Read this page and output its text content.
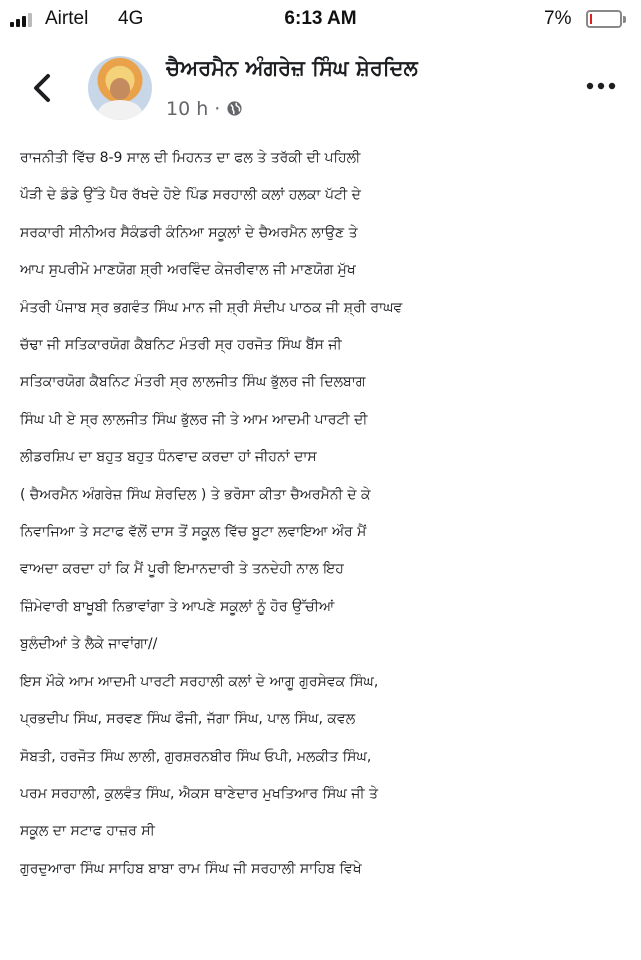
Airtel 4G	6:13 AM	7%
ਚੈਅਰਮੈਨ ਅੰਗਰੇਜ਼ ਸਿੰਘ ਸ਼ੇਰਦਿਲ
10 h ·

ਰਾਜਨੀਤੀ ਵਿੱਚ 8-9 ਸਾਲ ਦੀ ਮਿਹਨਤ ਦਾ ਫਲ ਤੇ ਤਰੱਕੀ ਦੀ ਪਹਿਲੀ

ਪੌੜੀ ਦੇ ਡੰਡੇ ਉੱਤੇ ਪੈਰ ਰੱਖਦੇ ਹੋਏ ਪਿੰਡ ਸਰਹਾਲੀ ਕਲਾਂ ਹਲਕਾ ਪੱਟੀ ਦੇ

ਸਰਕਾਰੀ ਸੀਨੀਅਰ ਸੈਕੰਡਰੀ ਕੰਨਿਆ ਸਕੂਲਾਂ ਦੇ ਚੈਅਰਮੈਨ ਲਾਉਣ ਤੇ

ਆਪ ਸੁਪਰੀਮੋ ਮਾਣਯੋਗ ਸ਼੍ਰੀ ਅਰਵਿੰਦ ਕੇਜਰੀਵਾਲ ਜੀ ਮਾਣਯੋਗ ਮੁੱਖ

ਮੰਤਰੀ ਪੰਜਾਬ ਸ੍ਰ ਭਗਵੰਤ ਸਿੰਘ ਮਾਨ ਜੀ ਸ਼੍ਰੀ ਸੰਦੀਪ ਪਾਠਕ ਜੀ ਸ਼੍ਰੀ ਰਾਘਵ

ਚੱਢਾ ਜੀ ਸਤਿਕਾਰਯੋਗ ਕੈਬਨਿਟ ਮੰਤਰੀ ਸ੍ਰ ਹਰਜੋਤ ਸਿੰਘ ਬੈਂਸ ਜੀ

ਸਤਿਕਾਰਯੋਗ ਕੈਬਨਿਟ ਮੰਤਰੀ ਸ੍ਰ ਲਾਲਜੀਤ ਸਿੰਘ ਭੁੱਲਰ ਜੀ ਦਿਲਬਾਗ

ਸਿੰਘ ਪੀ ਏ ਸ੍ਰ ਲਾਲਜੀਤ ਸਿੰਘ ਭੁੱਲਰ ਜੀ ਤੇ ਆਮ ਆਦਮੀ ਪਾਰਟੀ ਦੀ

ਲੀਡਰਸ਼ਿਪ ਦਾ ਬਹੁਤ ਬਹੁਤ ਧੰਨਵਾਦ ਕਰਦਾ ਹਾਂ ਜੀਹਨਾਂ ਦਾਸ

( ਚੈਅਰਮੈਨ ਅੰਗਰੇਜ਼ ਸਿੰਘ ਸ਼ੇਰਦਿਲ ) ਤੇ ਭਰੋਸਾ ਕੀਤਾ ਚੈਅਰਮੈਨੀ ਦੇ ਕੇ

ਨਿਵਾਜਿਆ ਤੇ ਸਟਾਫ ਵੱਲੋਂ ਦਾਸ ਤੋਂ ਸਕੂਲ ਵਿੱਚ ਬੂਟਾ ਲਵਾਇਆ ਔਰ ਮੈਂ

ਵਾਅਦਾ ਕਰਦਾ ਹਾਂ ਕਿ ਮੈਂ ਪੂਰੀ ਇਮਾਨਦਾਰੀ ਤੇ ਤਨਦੇਹੀ ਨਾਲ ਇਹ

ਜ਼ਿੰਮੇਵਾਰੀ ਬਾਖੂਬੀ ਨਿਭਾਵਾਂਗਾ ਤੇ ਆਪਣੇ ਸਕੂਲਾਂ ਨੂੰ ਹੋਰ ਉੱਚੀਆਂ

ਬੁਲੰਦੀਆਂ ਤੇ ਲੈਕੇ ਜਾਵਾਂਗਾ//

ਇਸ ਮੌਕੇ ਆਮ ਆਦਮੀ ਪਾਰਟੀ ਸਰਹਾਲੀ ਕਲਾਂ ਦੇ ਆਗੂ ਗੁਰਸੇਵਕ ਸਿੰਘ,

ਪ੍ਰਭਦੀਪ ਸਿੰਘ, ਸਰਵਣ ਸਿੰਘ ਫੌਜੀ, ਜੱਗਾ ਸਿੰਘ, ਪਾਲ ਸਿੰਘ, ਕਵਲ

ਸੋਬਤੀ, ਹਰਜੋਤ ਸਿੰਘ ਲਾਲੀ, ਗੁਰਸ਼ਰਨਬੀਰ ਸਿੰਘ ਓਪੀ, ਮਲਕੀਤ ਸਿੰਘ,

ਪਰਮ ਸਰਹਾਲੀ, ਕੁਲਵੰਤ ਸਿੰਘ, ਐਕਸ ਥਾਣੇਦਾਰ ਮੁਖਤਿਆਰ ਸਿੰਘ ਜੀ ਤੇ

ਸਕੂਲ ਦਾ ਸਟਾਫ ਹਾਜ਼ਰ ਸੀ

ਗੁਰਦੁਆਰਾ ਸਿੰਘ ਸਾਹਿਬ ਬਾਬਾ ਰਾਮ ਸਿੰਘ ਜੀ ਸਰਹਾਲੀ ਸਾਹਿਬ ਵਿਖੇ
